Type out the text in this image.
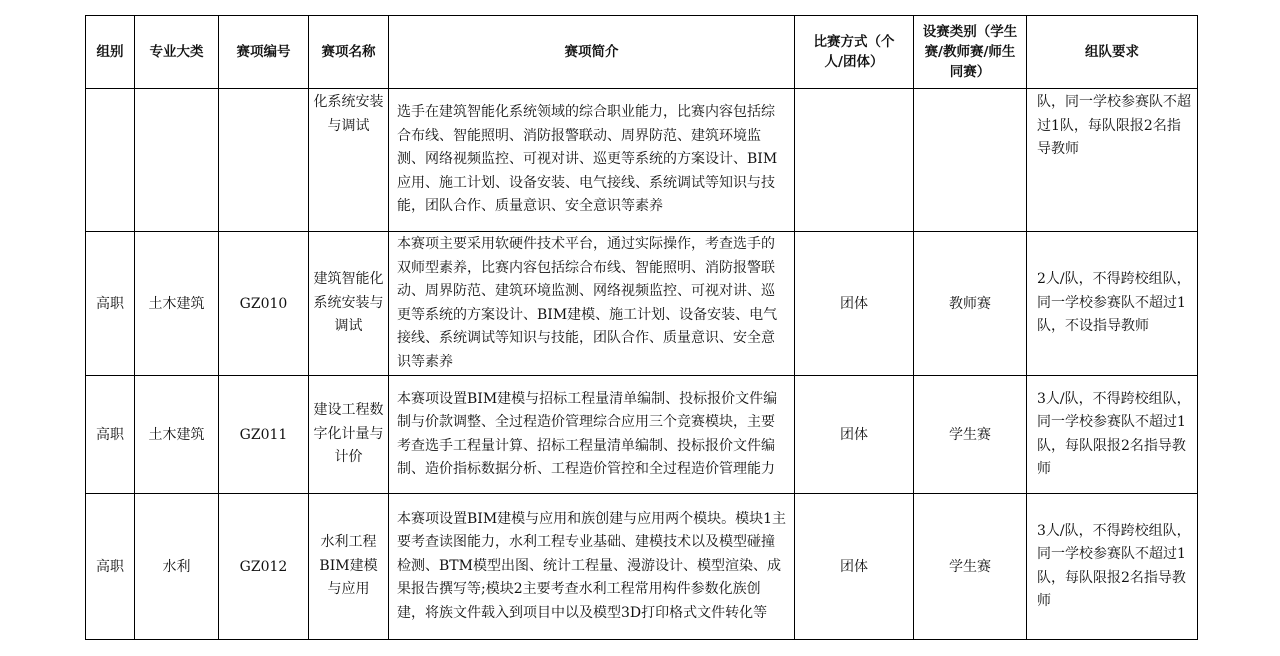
组别	专业大类	赛项编号	赛项名称	赛项简介	比赛方式（个人/团体）	设赛类别（学生赛/教师赛/师生同赛）	组队要求
			化系统安装与调试	选手在建筑智能化系统领域的综合职业能力，比赛内容包括综合布线、智能照明、消防报警联动、周界防范、建筑环境监测、网络视频监控、可视对讲、巡更等系统的方案设计、BIM应用、施工计划、设备安装、电气接线、系统调试等知识与技能，团队合作、质量意识、安全意识等素养			队，同一学校参赛队不超过1队，每队限报2名指导教师
高职	土木建筑	GZ010	建筑智能化系统安装与调试	本赛项主要采用软硬件技术平台，通过实际操作，考查选手的双师型素养，比赛内容包括综合布线、智能照明、消防报警联动、周界防范、建筑环境监测、网络视频监控、可视对讲、巡更等系统的方案设计、BIM建模、施工计划、设备安装、电气接线、系统调试等知识与技能，团队合作、质量意识、安全意识等素养	团体	教师赛	2人/队，不得跨校组队，同一学校参赛队不超过1队，不设指导教师
高职	土木建筑	GZ011	建设工程数字化计量与计价	本赛项设置BIM建模与招标工程量清单编制、投标报价文件编制与价款调整、全过程造价管理综合应用三个竞赛模块，主要考查选手工程量计算、招标工程量清单编制、投标报价文件编制、造价指标数据分析、工程造价管控和全过程造价管理能力	团体	学生赛	3人/队，不得跨校组队，同一学校参赛队不超过1队，每队限报2名指导教师
高职	水利	GZ012	水利工程BIM建模与应用	本赛项设置BIM建模与应用和族创建与应用两个模块。模块1主要考查读图能力，水利工程专业基础、建模技术以及模型碰撞检测、BTM模型出图、统计工程量、漫游设计、模型渲染、成果报告撰写等;模块2主要考查水利工程常用构件参数化族创建，将族文件载入到项目中以及模型3D打印格式文件转化等	团体	学生赛	3人/队，不得跨校组队，同一学校参赛队不超过1队，每队限报2名指导教师
